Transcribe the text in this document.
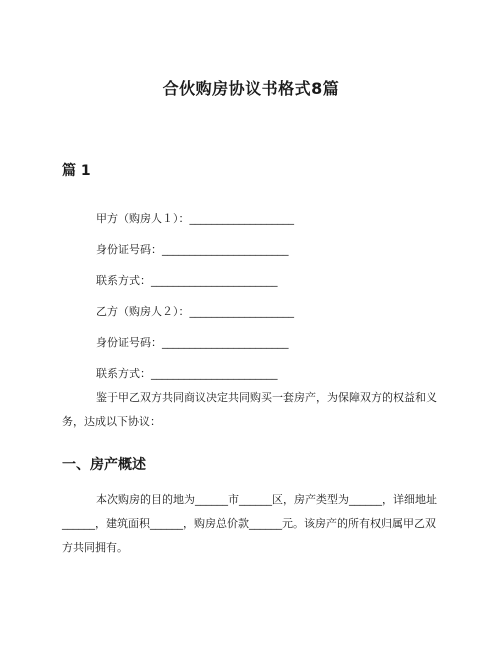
合伙购房协议书格式8篇
篇 1
甲方（购房人１）：___________________
身份证号码：_______________________
联系方式：_______________________
乙方（购房人２）：___________________
身份证号码：_______________________
联系方式：_______________________
鉴于甲乙双方共同商议决定共同购买一套房产，为保障双方的权益和义务，达成以下协议：
一、房产概述
本次购房的目的地为______市______区，房产类型为______，详细地址______，建筑面积______，购房总价款______元。该房产的所有权归属甲乙双方共同拥有。
